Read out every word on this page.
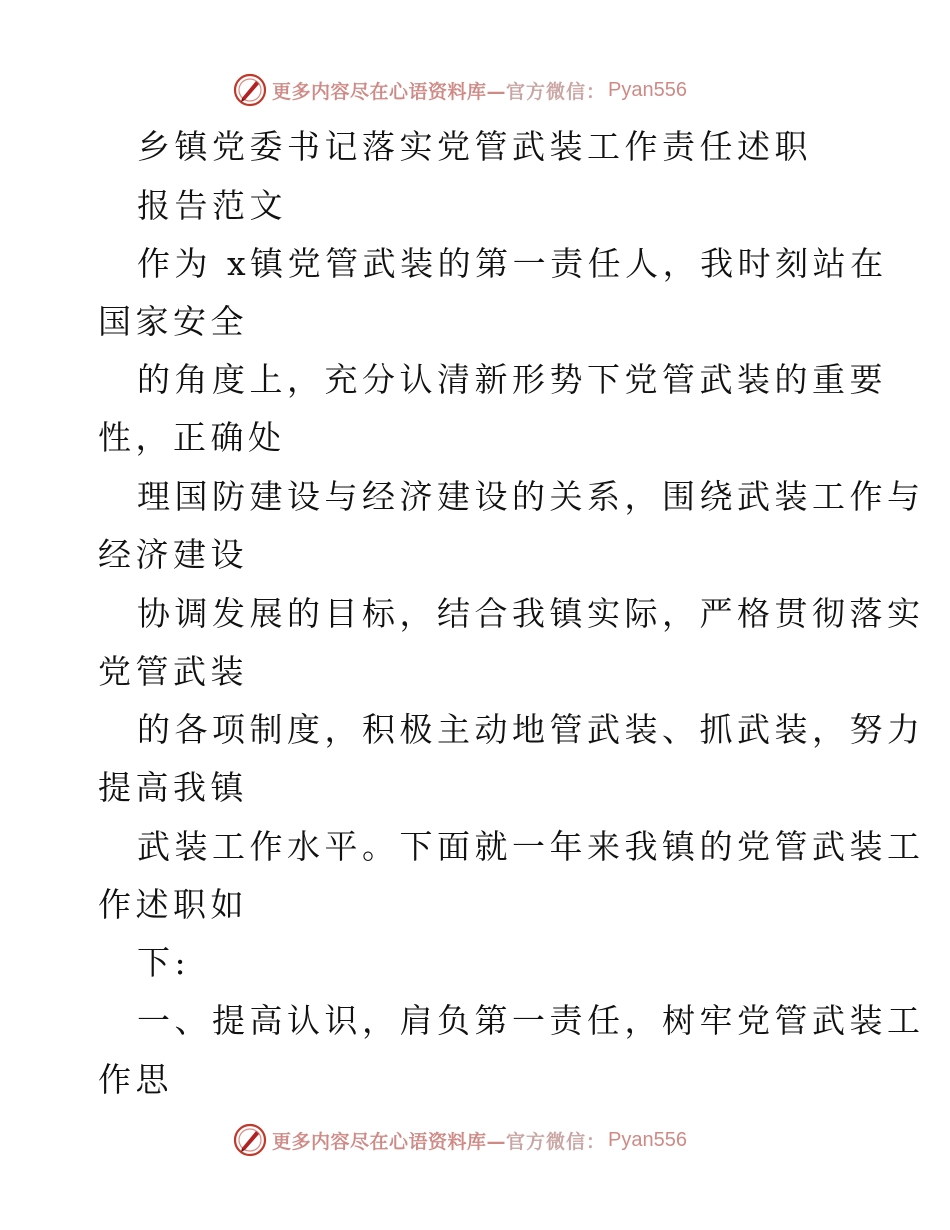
更多内容尽在心语资料库— 官方微信： Pyan556
乡镇党委书记落实党管武装工作责任述职
报告范文
作为 x镇党管武装的第一责任人，我时刻站在
国家安全
的角度上，充分认清新形势下党管武装的重要
性，正确处
理国防建设与经济建设的关系，围绕武装工作与
经济建设
协调发展的目标，结合我镇实际，严格贯彻落实
党管武装
的各项制度，积极主动地管武装、抓武装，努力
提高我镇
武装工作水平。下面就一年来我镇的党管武装工
作述职如
下:
一、提高认识，肩负第一责任，树牢党管武装工
作思
更多内容尽在心语资料库— 官方微信： Pyan556
